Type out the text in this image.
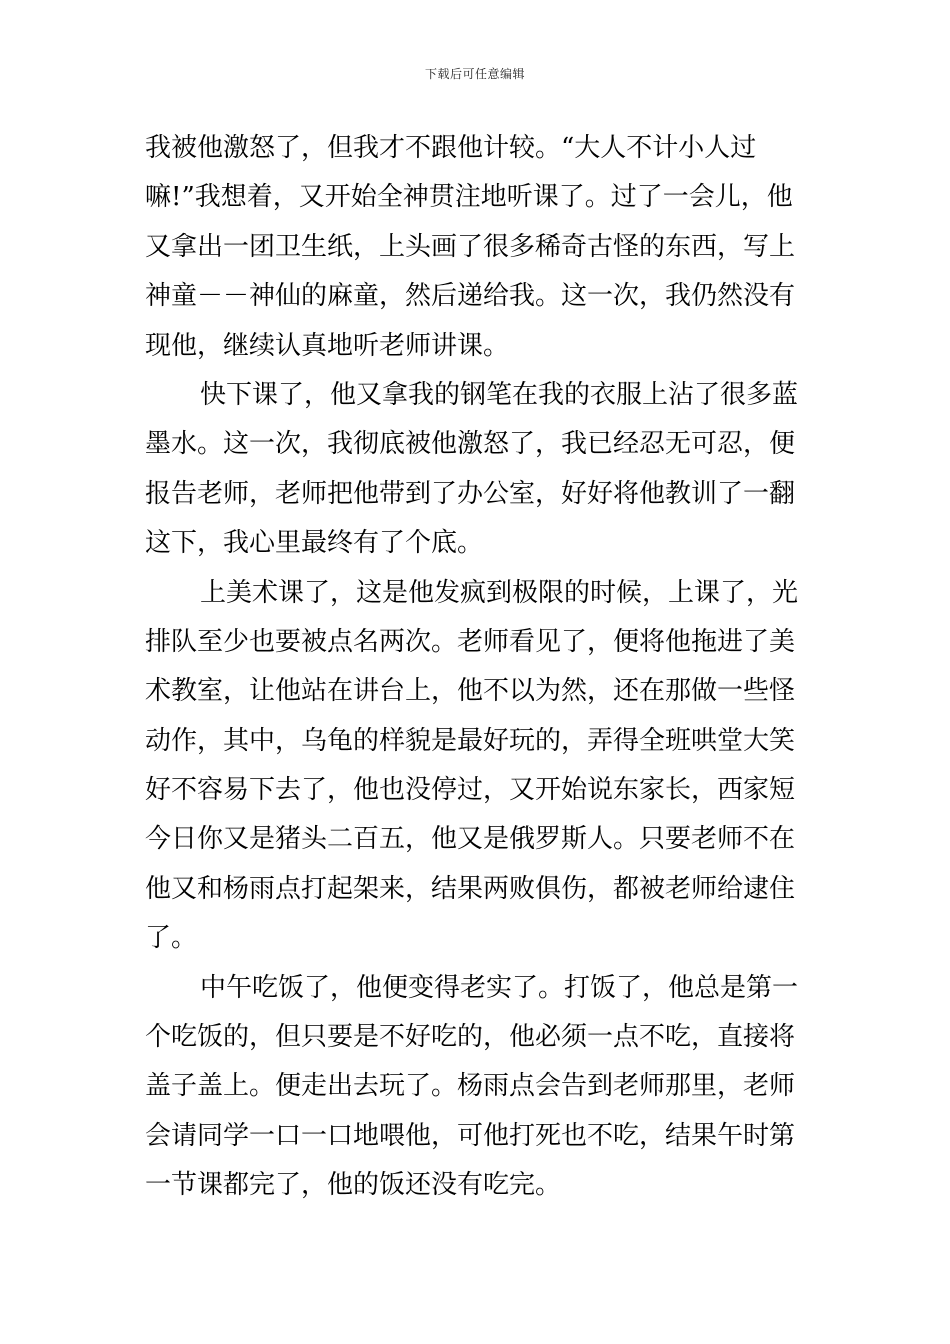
下载后可任意编辑
我被他激怒了，但我才不跟他计较。“大人不计小人过
嘛!”我想着，又开始全神贯注地听课了。过了一会儿，他
又拿出一团卫生纸，上头画了很多稀奇古怪的东西，写上
神童－－神仙的麻童，然后递给我。这一次，我仍然没有
现他，继续认真地听老师讲课。
快下课了，他又拿我的钢笔在我的衣服上沾了很多蓝
墨水。这一次，我彻底被他激怒了，我已经忍无可忍，便
报告老师，老师把他带到了办公室，好好将他教训了一翻
这下，我心里最终有了个底。
上美术课了，这是他发疯到极限的时候，上课了，光
排队至少也要被点名两次。老师看见了，便将他拖进了美
术教室，让他站在讲台上，他不以为然，还在那做一些怪
动作，其中，乌龟的样貌是最好玩的，弄得全班哄堂大笑
好不容易下去了，他也没停过，又开始说东家长，西家短
今日你又是猪头二百五，他又是俄罗斯人。只要老师不在
他又和杨雨点打起架来，结果两败俱伤，都被老师给逮住
了。
中午吃饭了，他便变得老实了。打饭了，他总是第一
个吃饭的，但只要是不好吃的，他必须一点不吃，直接将
盖子盖上。便走出去玩了。杨雨点会告到老师那里，老师
会请同学一口一口地喂他，可他打死也不吃，结果午时第
一节课都完了，他的饭还没有吃完。
